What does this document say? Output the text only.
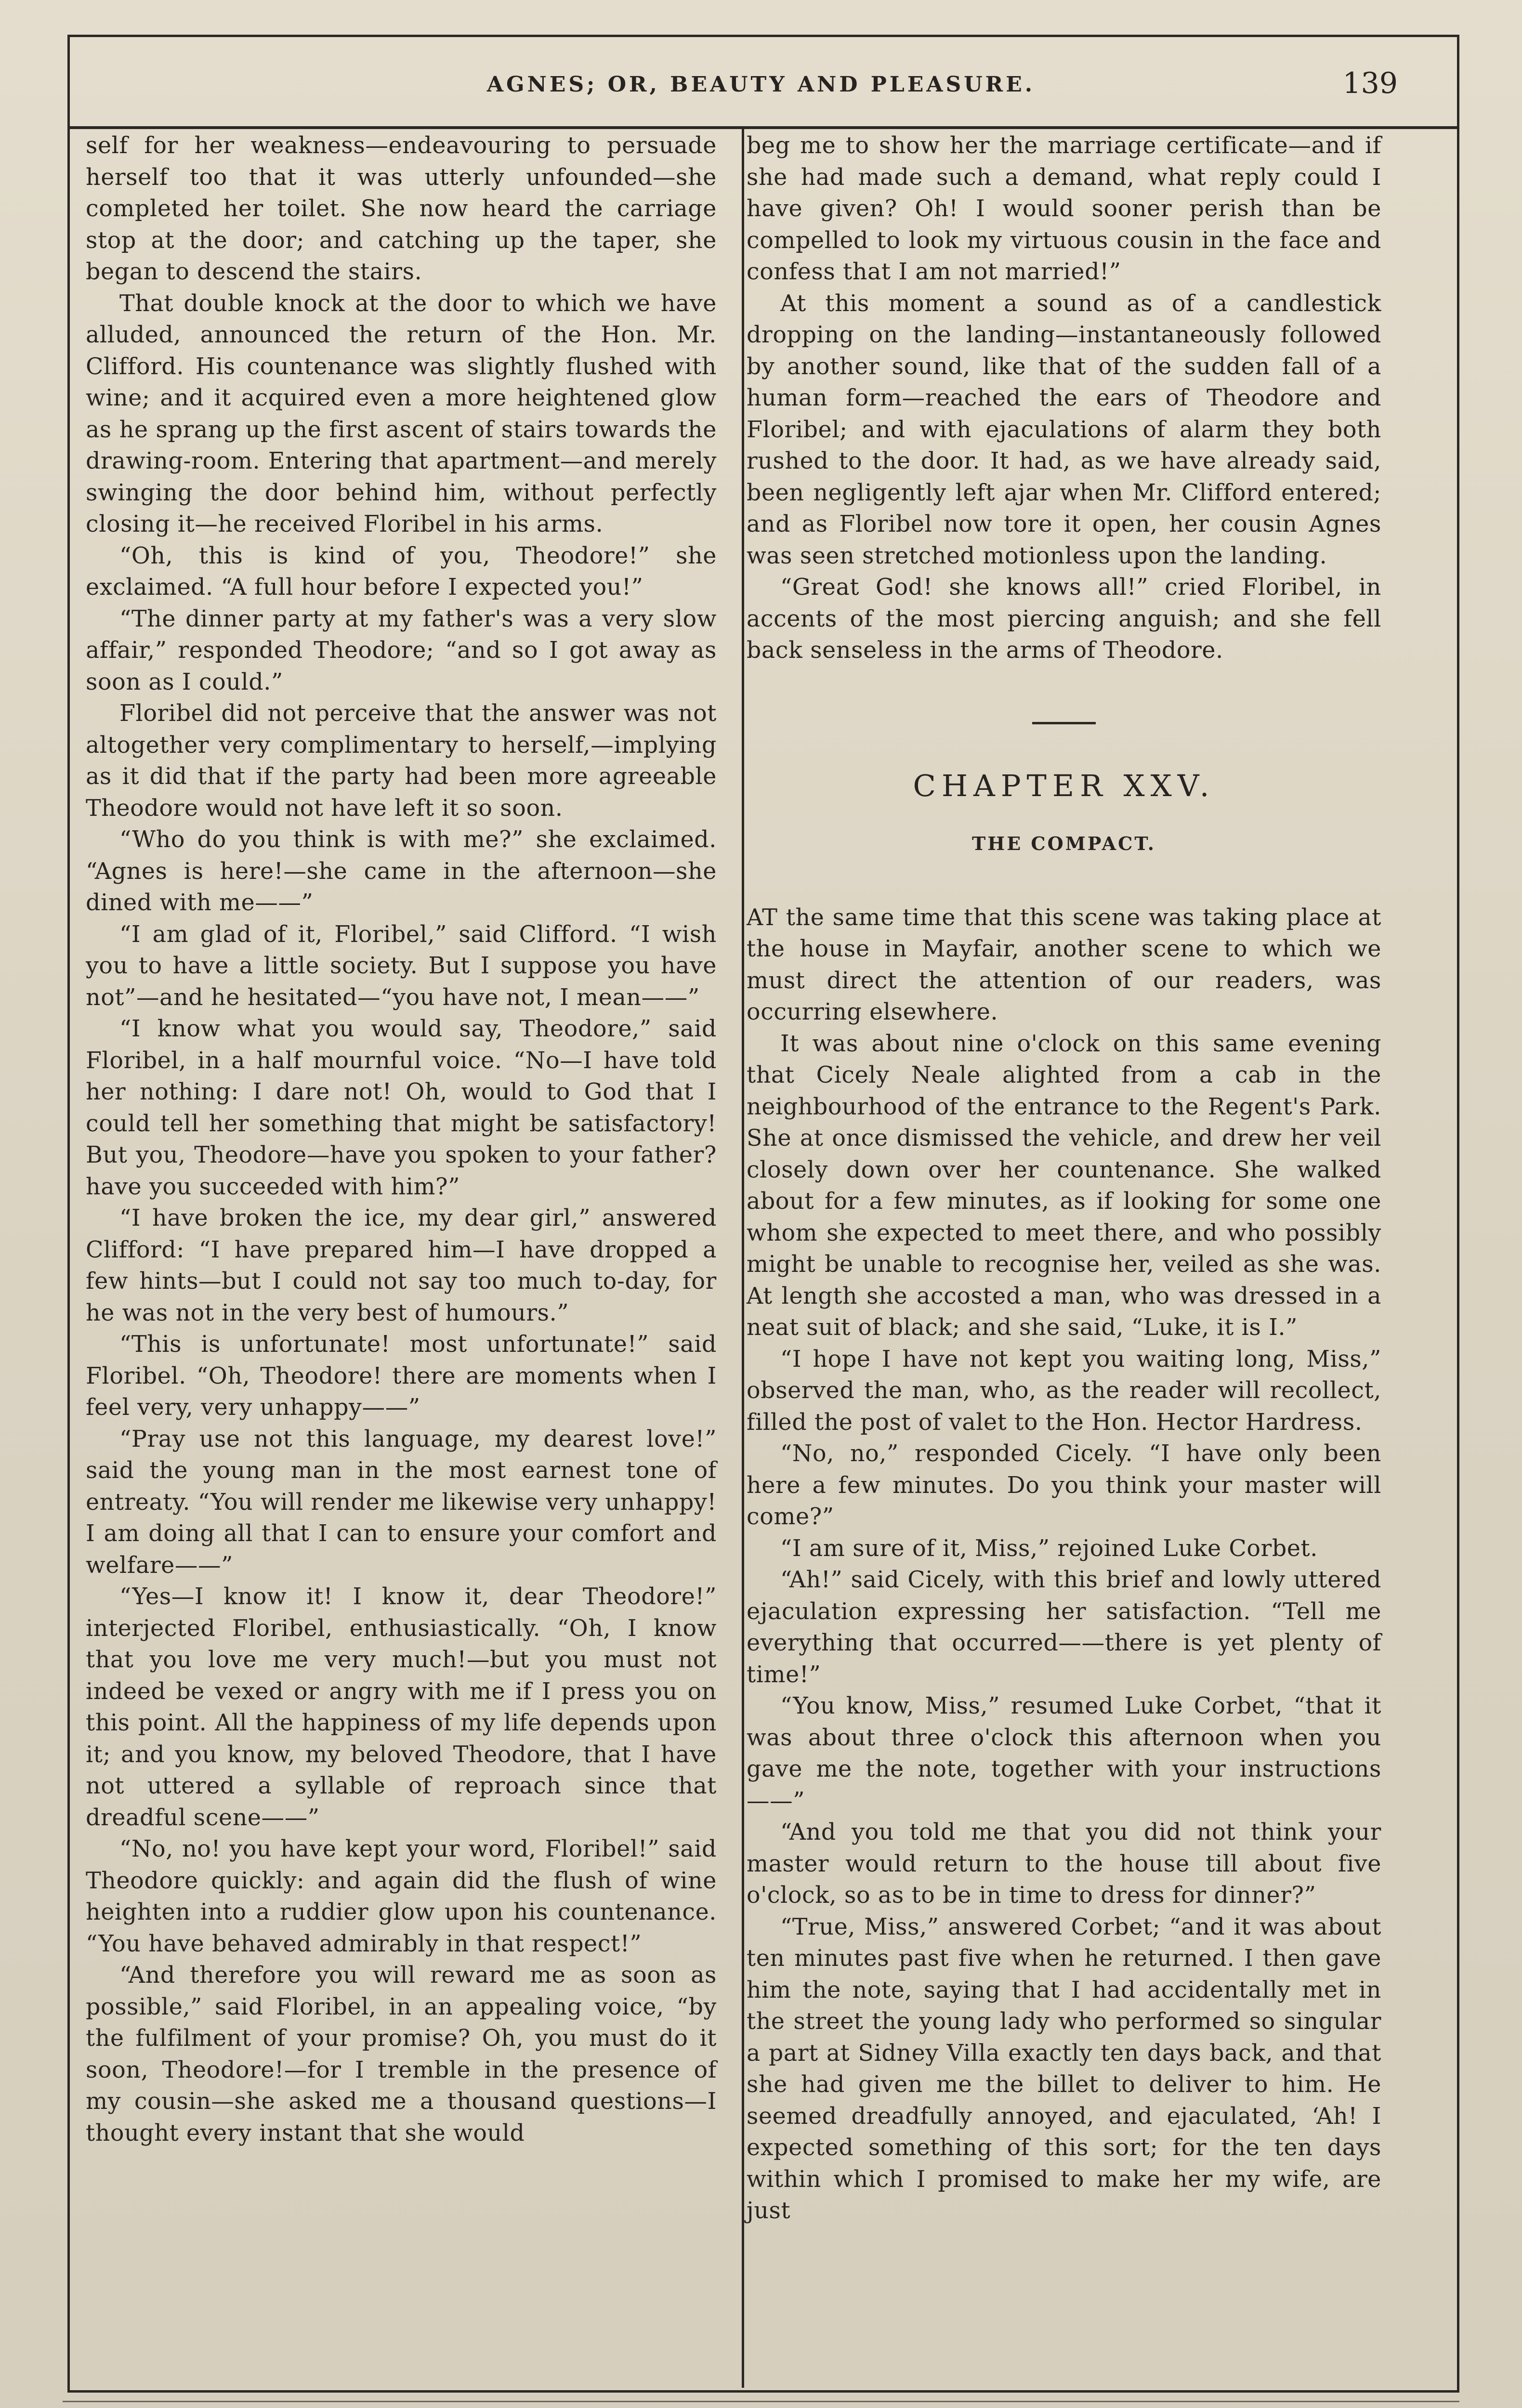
AGNES; OR, BEAUTY AND PLEASURE.	139

self for her weakness—endeavouring to persuade herself too that it was utterly unfounded—she completed her toilet. She now heard the carriage stop at the door; and catching up the taper, she began to descend the stairs.

That double knock at the door to which we have alluded, announced the return of the Hon. Mr. Clifford. His countenance was slightly flushed with wine; and it acquired even a more heightened glow as he sprang up the first ascent of stairs towards the drawing-room. Entering that apartment—and merely swinging the door behind him, without perfectly closing it—he received Floribel in his arms.

“Oh, this is kind of you, Theodore!” she exclaimed. “A full hour before I expected you!”

“The dinner party at my father's was a very slow affair,” responded Theodore; “and so I got away as soon as I could.”

Floribel did not perceive that the answer was not altogether very complimentary to herself,—implying as it did that if the party had been more agreeable Theodore would not have left it so soon.

“Who do you think is with me?” she exclaimed. “Agnes is here!—she came in the afternoon—she dined with me——”

“I am glad of it, Floribel,” said Clifford. “I wish you to have a little society. But I suppose you have not”—and he hesitated—“you have not, I mean——”

“I know what you would say, Theodore,” said Floribel, in a half mournful voice. “No—I have told her nothing: I dare not! Oh, would to God that I could tell her something that might be satisfactory! But you, Theodore—have you spoken to your father? have you succeeded with him?”

“I have broken the ice, my dear girl,” answered Clifford: “I have prepared him—I have dropped a few hints—but I could not say too much to-day, for he was not in the very best of humours.”

“This is unfortunate! most unfortunate!” said Floribel. “Oh, Theodore! there are moments when I feel very, very unhappy——”

“Pray use not this language, my dearest love!” said the young man in the most earnest tone of entreaty. “You will render me likewise very unhappy! I am doing all that I can to ensure your comfort and welfare——”

“Yes—I know it! I know it, dear Theodore!” interjected Floribel, enthusiastically. “Oh, I know that you love me very much!—but you must not indeed be vexed or angry with me if I press you on this point. All the happiness of my life depends upon it; and you know, my beloved Theodore, that I have not uttered a syllable of reproach since that dreadful scene——”

“No, no! you have kept your word, Floribel!” said Theodore quickly: and again did the flush of wine heighten into a ruddier glow upon his countenance. “You have behaved admirably in that respect!”

“And therefore you will reward me as soon as possible,” said Floribel, in an appealing voice, “by the fulfilment of your promise? Oh, you must do it soon, Theodore!—for I tremble in the presence of my cousin—she asked me a thousand questions—I thought every instant that she would

beg me to show her the marriage certificate—and if she had made such a demand, what reply could I have given? Oh! I would sooner perish than be compelled to look my virtuous cousin in the face and confess that I am not married!”

At this moment a sound as of a candlestick dropping on the landing—instantaneously followed by another sound, like that of the sudden fall of a human form—reached the ears of Theodore and Floribel; and with ejaculations of alarm they both rushed to the door. It had, as we have already said, been negligently left ajar when Mr. Clifford entered; and as Floribel now tore it open, her cousin Agnes was seen stretched motionless upon the landing.

“Great God! she knows all!” cried Floribel, in accents of the most piercing anguish; and she fell back senseless in the arms of Theodore.

CHAPTER XXV.
THE COMPACT.

AT the same time that this scene was taking place at the house in Mayfair, another scene to which we must direct the attention of our readers, was occurring elsewhere.

It was about nine o'clock on this same evening that Cicely Neale alighted from a cab in the neighbourhood of the entrance to the Regent's Park. She at once dismissed the vehicle, and drew her veil closely down over her countenance. She walked about for a few minutes, as if looking for some one whom she expected to meet there, and who possibly might be unable to recognise her, veiled as she was. At length she accosted a man, who was dressed in a neat suit of black; and she said, “Luke, it is I.”

“I hope I have not kept you waiting long, Miss,” observed the man, who, as the reader will recollect, filled the post of valet to the Hon. Hector Hardress.

“No, no,” responded Cicely. “I have only been here a few minutes. Do you think your master will come?”

“I am sure of it, Miss,” rejoined Luke Corbet.

“Ah!” said Cicely, with this brief and lowly uttered ejaculation expressing her satisfaction. “Tell me everything that occurred——there is yet plenty of time!”

“You know, Miss,” resumed Luke Corbet, “that it was about three o'clock this afternoon when you gave me the note, together with your instructions——”

“And you told me that you did not think your master would return to the house till about five o'clock, so as to be in time to dress for dinner?”

“True, Miss,” answered Corbet; “and it was about ten minutes past five when he returned. I then gave him the note, saying that I had accidentally met in the street the young lady who performed so singular a part at Sidney Villa exactly ten days back, and that she had given me the billet to deliver to him. He seemed dreadfully annoyed, and ejaculated, ‘Ah! I expected something of this sort; for the ten days within which I promised to make her my wife, are just
